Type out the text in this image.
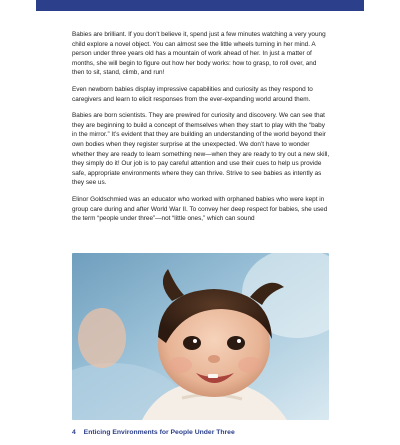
Babies are brilliant. If you don’t believe it, spend just a few minutes watching a very young child explore a novel object. You can almost see the little wheels turning in her mind. A person under three years old has a mountain of work ahead of her. In just a matter of months, she will begin to figure out how her body works: how to grasp, to roll over, and then to sit, stand, climb, and run!

Even newborn babies display impressive capabilities and curiosity as they respond to caregivers and learn to elicit responses from the ever-expanding world around them.

Babies are born scientists. They are prewired for curiosity and discovery. We can see that they are beginning to build a concept of themselves when they start to play with the “baby in the mirror.” It’s evident that they are building an understanding of the world beyond their own bodies when they register surprise at the unexpected. We don’t have to wonder whether they are ready to learn something new—when they are ready to try out a new skill, they simply do it! Our job is to pay careful attention and use their cues to help us provide safe, appropriate environments where they can thrive. Strive to see babies as intently as they see us.

Elinor Goldschmied was an educator who worked with orphaned babies who were kept in group care during and after World War II. To convey her deep respect for babies, she used the term “people under three”—not “little ones,” which can sound

4 Enticing Environments for People Under Three
